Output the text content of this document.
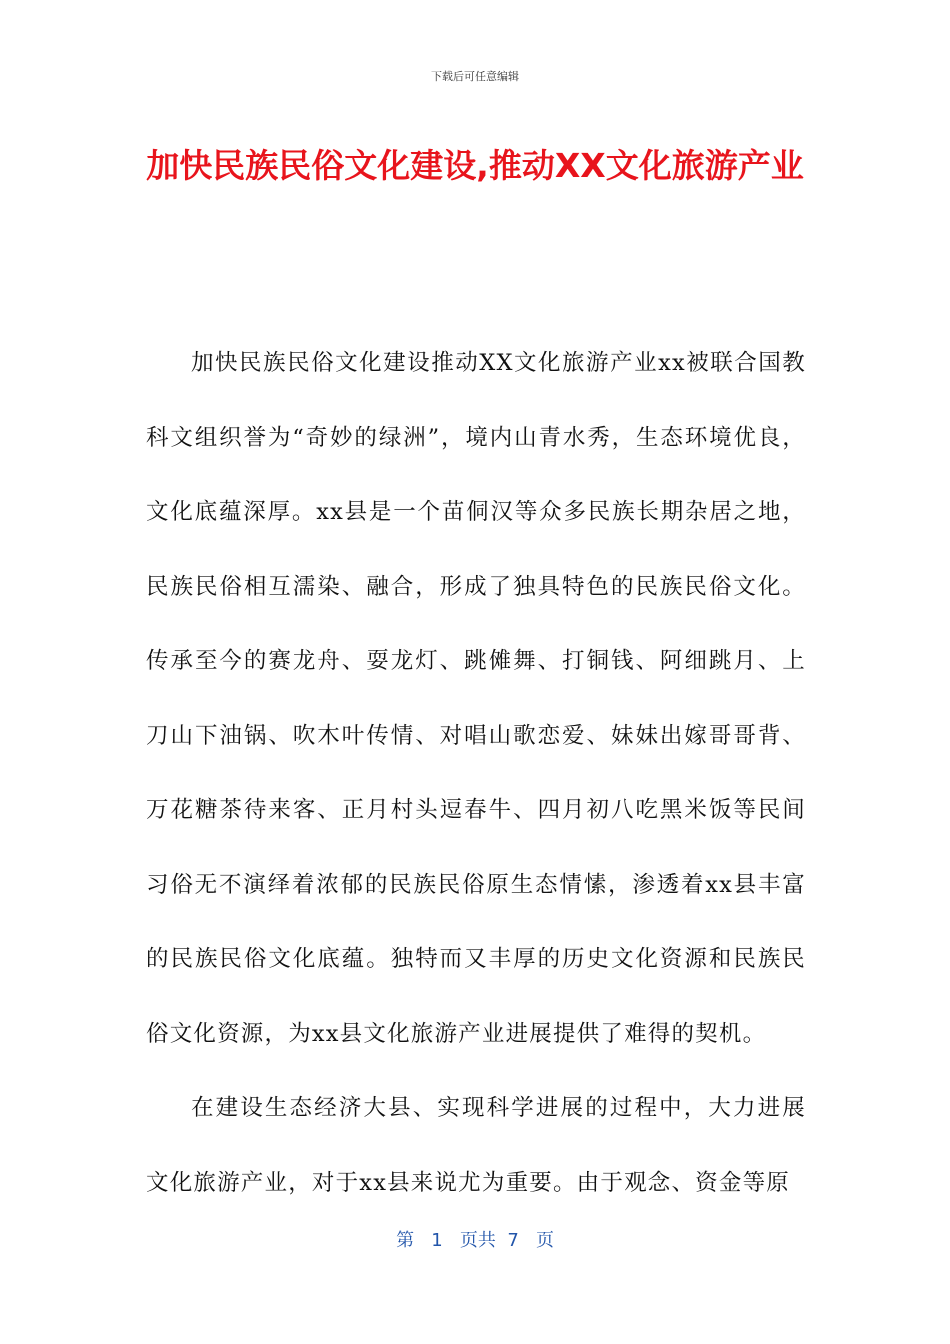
下载后可任意编辑
加快民族民俗文化建设,推动XX文化旅游产业

加快民族民俗文化建设推动XX文化旅游产业xx被联合国教科文组织誉为“奇妙的绿洲”，境内山青水秀，生态环境优良，文化底蕴深厚。xx县是一个苗侗汉等众多民族长期杂居之地，民族民俗相互濡染、融合，形成了独具特色的民族民俗文化。传承至今的赛龙舟、耍龙灯、跳傩舞、打铜钱、阿细跳月、上刀山下油锅、吹木叶传情、对唱山歌恋爱、妹妹出嫁哥哥背、万花糖茶待来客、正月村头逗春牛、四月初八吃黑米饭等民间习俗无不演绎着浓郁的民族民俗原生态情愫，渗透着xx县丰富的民族民俗文化底蕴。独特而又丰厚的历史文化资源和民族民俗文化资源，为xx县文化旅游产业进展提供了难得的契机。

在建设生态经济大县、实现科学进展的过程中，大力进展文化旅游产业，对于xx县来说尤为重要。由于观念、资金等原

第 1 页共 7 页
